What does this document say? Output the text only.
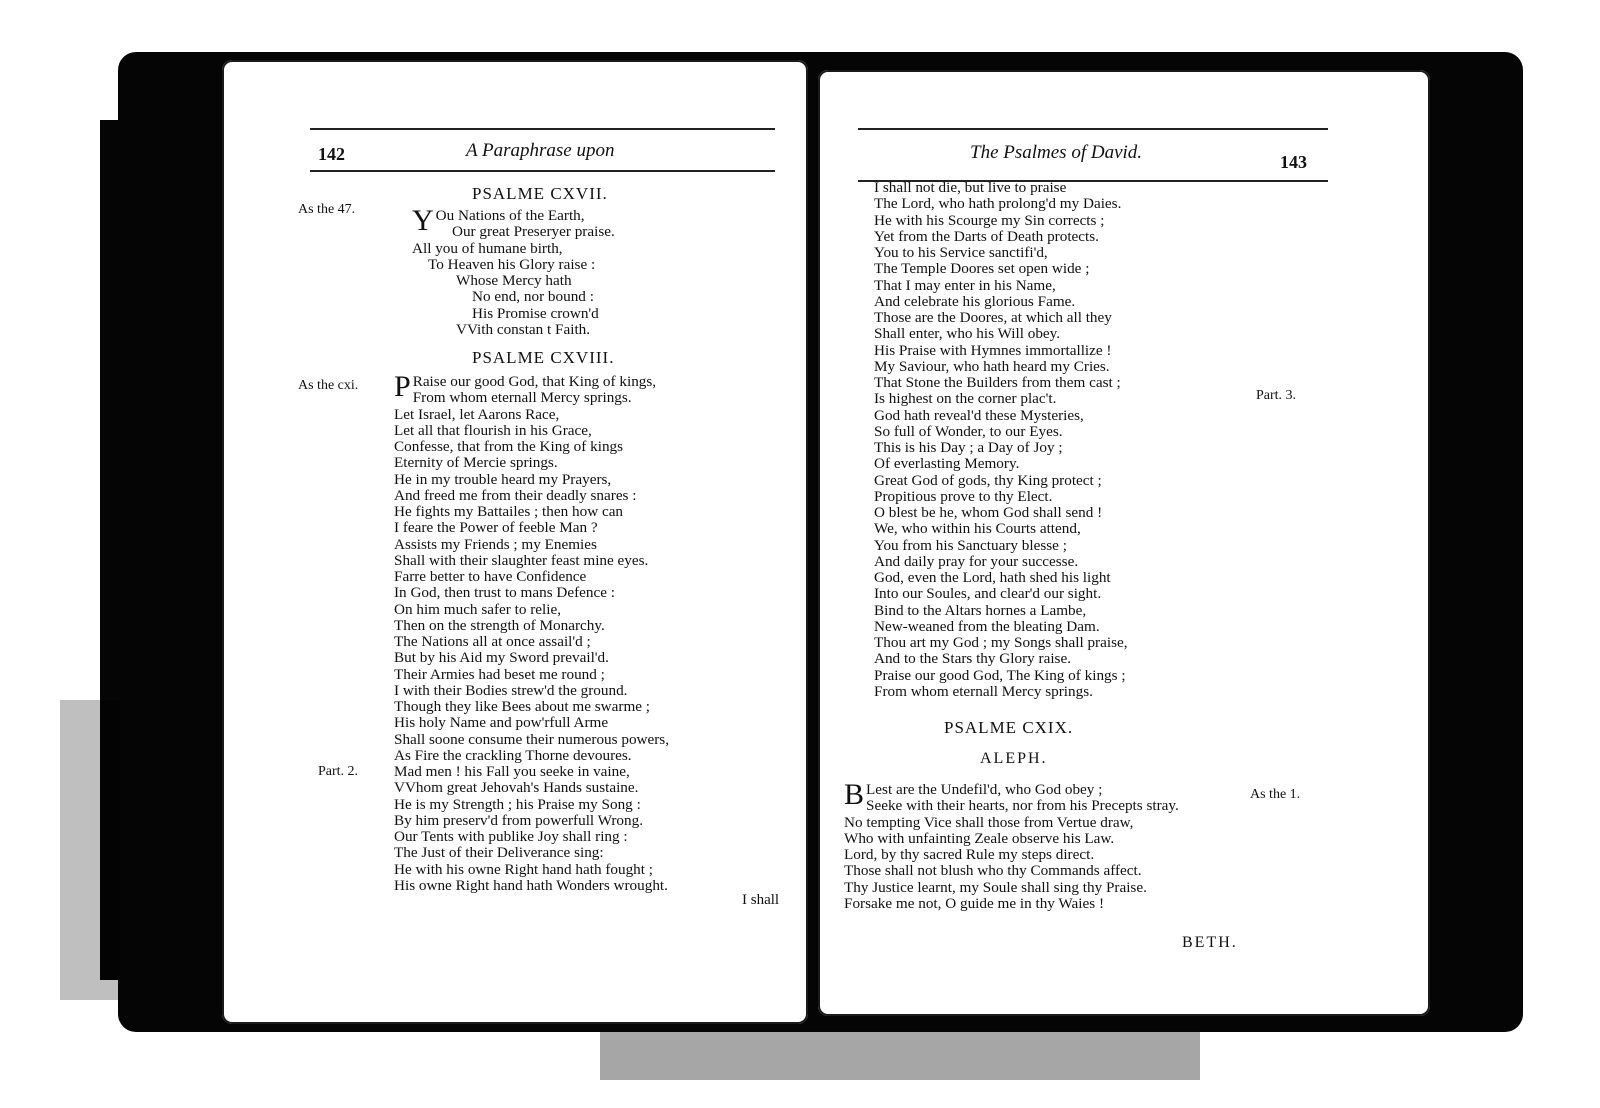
142	A Paraphrase upon
PSALME CXVII.
As the 47.	YOu Nations of the Earth,
Our great Preseryer praise.
All you of humane birth,
To Heaven his Glory raise :
Whose Mercy hath
No end, nor bound :
His Promise crown'd
VVith constan t Faith.
PSALME CXVIII.
As the cxi.
Part. 2.
PRaise our good God, that King of kings,
From whom eternall Mercy springs.
Let Israel, let Aarons Race,
Let all that flourish in his Grace,
Confesse, that from the King of kings
Eternity of Mercie springs.
He in my trouble heard my Prayers,
And freed me from their deadly snares :
He fights my Battailes ; then how can
I feare the Power of feeble Man ?
Assists my Friends ; my Enemies
Shall with their slaughter feast mine eyes.
Farre better to have Confidence
In God, then trust to mans Defence :
On him much safer to relie,
Then on the strength of Monarchy.
The Nations all at once assail'd ;
But by his Aid my Sword prevail'd.
Their Armies had beset me round ;
I with their Bodies strew'd the ground.
Though they like Bees about me swarme ;
His holy Name and pow'rfull Arme
Shall soone consume their numerous powers,
As Fire the crackling Thorne devoures.
Mad men ! his Fall you seeke in vaine,
VVhom great Jehovah's Hands sustaine.
He is my Strength ; his Praise my Song :
By him preserv'd from powerfull Wrong.
Our Tents with publike Joy shall ring :
The Just of their Deliverance sing:
He with his owne Right hand hath fought ;
His owne Right hand hath Wonders wrought.
I shall
The Psalmes of David.	143
I shall not die, but live to praise
The Lord, who hath prolong'd my Daies.
He with his Scourge my Sin corrects ;
Yet from the Darts of Death protects.
You to his Service sanctifi'd,
The Temple Doores set open wide ;
That I may enter in his Name,
And celebrate his glorious Fame.
Those are the Doores, at which all they
Shall enter, who his Will obey.
His Praise with Hymnes immortallize !
My Saviour, who hath heard my Cries.
That Stone the Builders from them cast ;
Is highest on the corner plac't.
God hath reveal'd these Mysteries,
So full of Wonder, to our Eyes.
This is his Day ; a Day of Joy ;
Of everlasting Memory.
Great God of gods, thy King protect ;
Propitious prove to thy Elect.
O blest be he, whom God shall send !
We, who within his Courts attend,
You from his Sanctuary blesse ;
And daily pray for your successe.
God, even the Lord, hath shed his light
Into our Soules, and clear'd our sight.
Bind to the Altars hornes a Lambe,
New-weaned from the bleating Dam.
Thou art my God ; my Songs shall praise,
And to the Stars thy Glory raise.
Praise our good God, The King of kings ;
From whom eternall Mercy springs.
Part. 3.
PSALME CXIX.
ALEPH.
As the 1.
BLest are the Undefil'd, who God obey ;
Seeke with their hearts, nor from his Precepts stray.
No tempting Vice shall those from Vertue draw,
Who with unfainting Zeale observe his Law.
Lord, by thy sacred Rule my steps direct.
Those shall not blush who thy Commands affect.
Thy Justice learnt, my Soule shall sing thy Praise.
Forsake me not, O guide me in thy Waies !
BETH.
